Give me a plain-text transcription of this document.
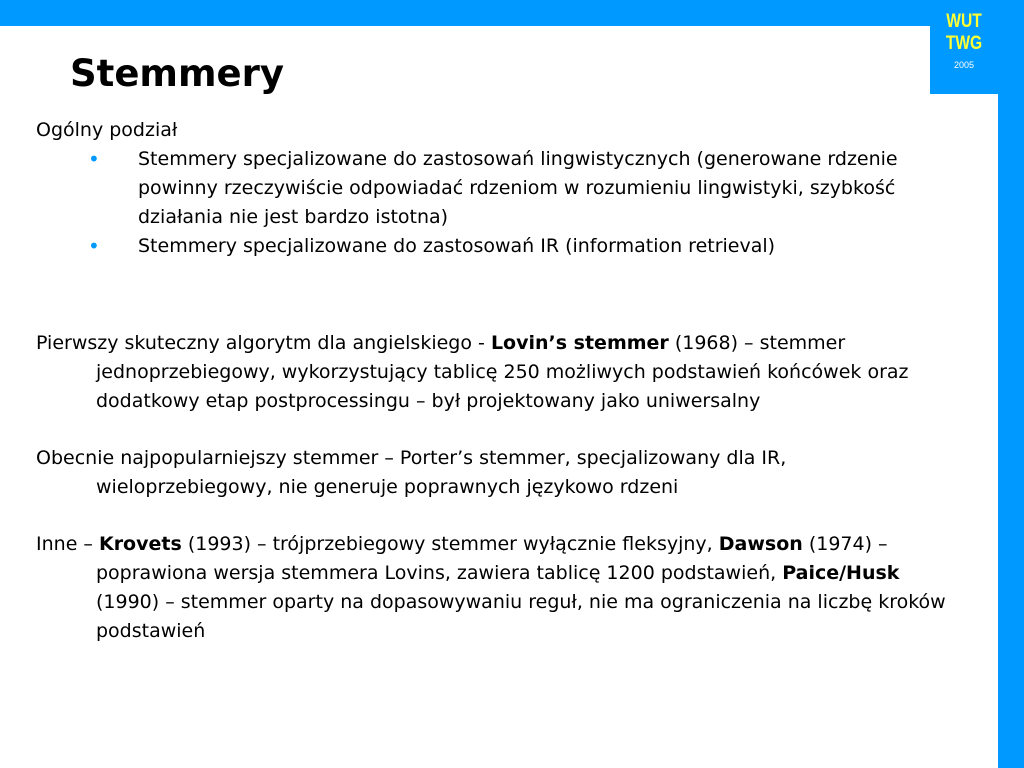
WUT
TWG
2005
Stemmery

Ogólny podział

• Stemmery specjalizowane do zastosowań lingwistycznych (generowane rdzenie powinny rzeczywiście odpowiadać rdzeniom w rozumieniu lingwistyki, szybkość działania nie jest bardzo istotna)
• Stemmery specjalizowane do zastosowań IR (information retrieval)

Pierwszy skuteczny algorytm dla angielskiego - Lovin’s stemmer (1968) – stemmer jednoprzebiegowy, wykorzystujący tablicę 250 możliwych podstawień końcówek oraz dodatkowy etap postprocessingu – był projektowany jako uniwersalny

Obecnie najpopularniejszy stemmer – Porter’s stemmer, specjalizowany dla IR, wieloprzebiegowy, nie generuje poprawnych językowo rdzeni

Inne – Krovets (1993) – trójprzebiegowy stemmer wyłącznie fleksyjny, Dawson (1974) – poprawiona wersja stemmera Lovins, zawiera tablicę 1200 podstawień, Paice/Husk (1990) – stemmer oparty na dopasowywaniu reguł, nie ma ograniczenia na liczbę kroków podstawień
